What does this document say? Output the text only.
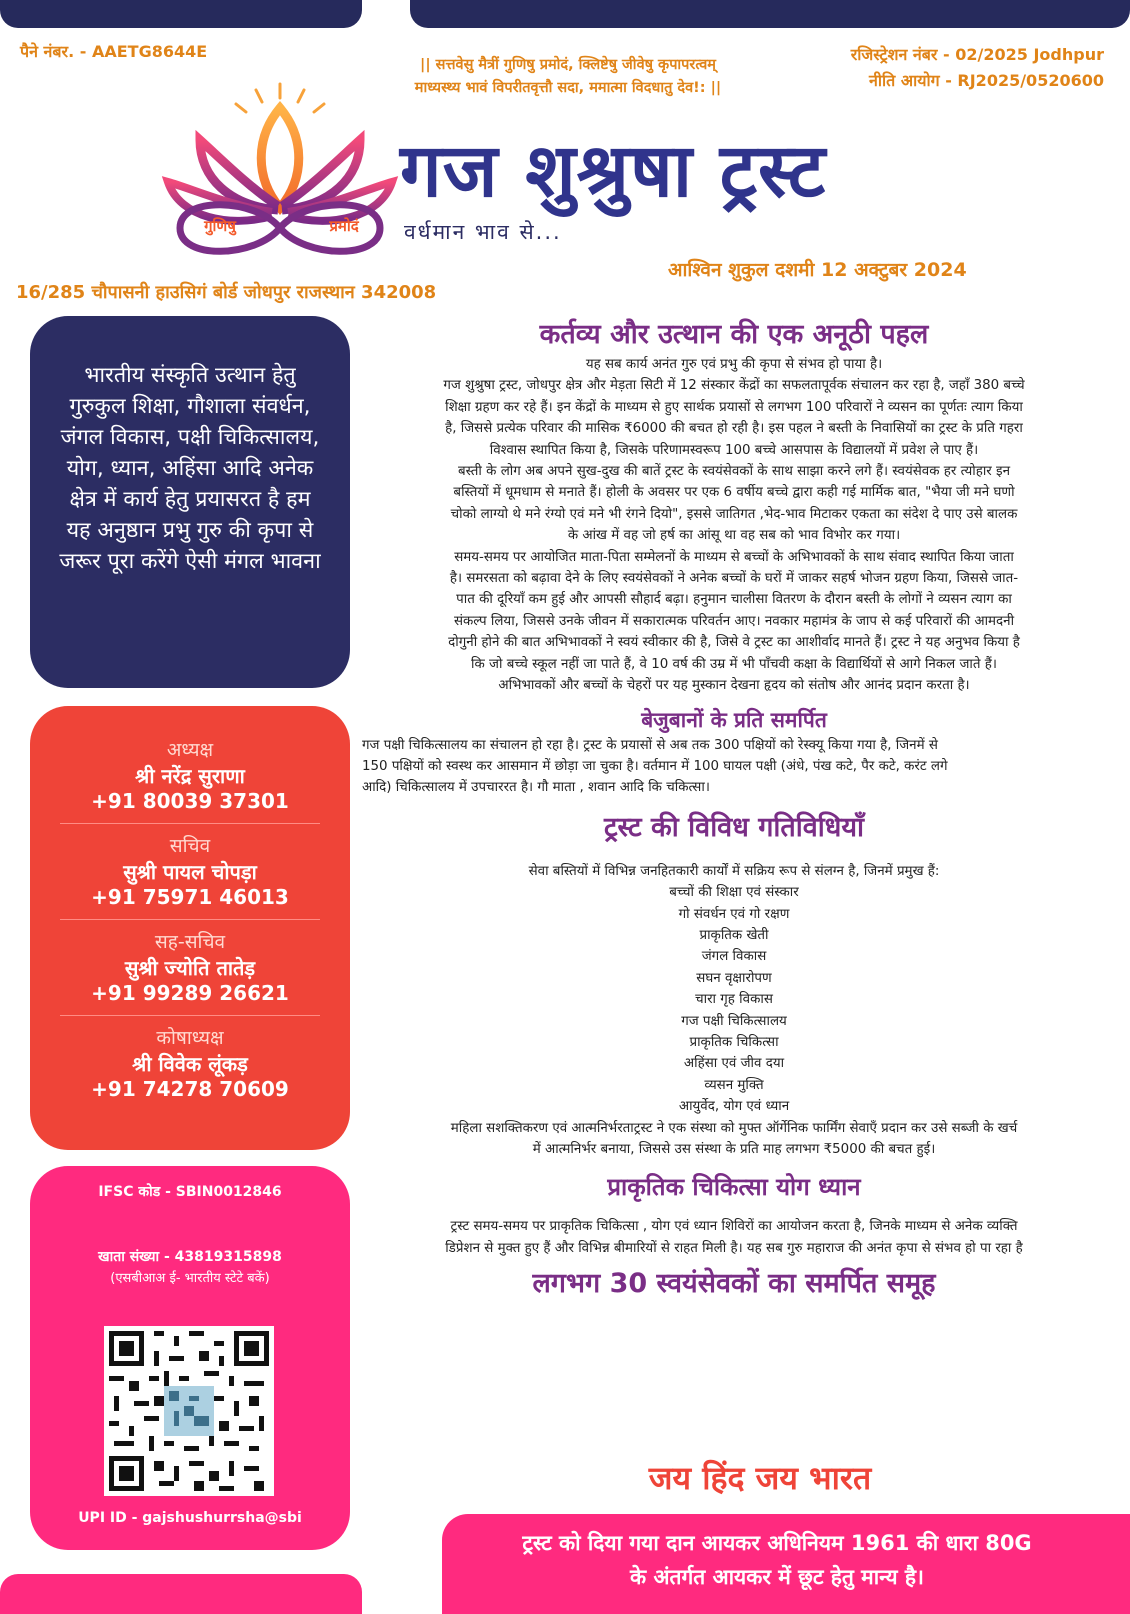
पैने नंबर. - AAETG8644E	रजिस्ट्रेशन नंबर - 02/2025 Jodhpur
नीति आयोग - RJ2025/0520600
|| सत्तवेसु मैत्रीं गुणिषु प्रमोदं, क्लिष्टेषु जीवेषु कृपापरत्वम्
माध्यस्थ्य भावं विपरीतवृत्तौ सदा, ममात्मा विदधातु देव!: ||
गुणिषु	प्रमोदं
गज शुश्रुषा ट्रस्ट
वर्धमान भाव से...
आश्विन शुकुल दशमी 12 अक्टुबर 2024
16/285 चौपासनी हाउसिगं बोर्ड जोधपुर राजस्थान 342008
भारतीय संस्कृति उत्थान हेतु गुरुकुल शिक्षा, गौशाला संवर्धन, जंगल विकास, पक्षी चिकित्सालय, योग, ध्यान, अहिंसा आदि अनेक क्षेत्र में कार्य हेतु प्रयासरत है हम यह अनुष्ठान प्रभु गुरु की कृपा से जरूर पूरा करेंगे ऐसी मंगल भावना
अध्यक्ष
श्री नरेंद्र सुराणा
+91 80039 37301
सचिव
सुश्री पायल चोपड़ा
+91 75971 46013
सह-सचिव
सुश्री ज्योति तातेड़
+91 99289 26621
कोषाध्यक्ष
श्री विवेक लूंकड़
+91 74278 70609
IFSC कोड - SBIN0012846
खाता संख्या - 43819315898
(एसबीआअ ई- भारतीय स्टेटे बकें)
UPI ID - gajshushurrsha@sbi
कर्तव्य और उत्थान की एक अनूठी पहल
यह सब कार्य अनंत गुरु एवं प्रभु की कृपा से संभव हो पाया है।
गज शुश्रुषा ट्रस्ट, जोधपुर क्षेत्र और मेड़ता सिटी में 12 संस्कार केंद्रों का सफलतापूर्वक संचालन कर रहा है, जहाँ 380 बच्चे
शिक्षा ग्रहण कर रहे हैं। इन केंद्रों के माध्यम से हुए सार्थक प्रयासों से लगभग 100 परिवारों ने व्यसन का पूर्णतः त्याग किया
है, जिससे प्रत्येक परिवार की मासिक ₹6000 की बचत हो रही है। इस पहल ने बस्ती के निवासियों का ट्रस्ट के प्रति गहरा
विश्वास स्थापित किया है, जिसके परिणामस्वरूप 100 बच्चे आसपास के विद्यालयों में प्रवेश ले पाए हैं।
बस्ती के लोग अब अपने सुख-दुख की बातें ट्रस्ट के स्वयंसेवकों के साथ साझा करने लगे हैं। स्वयंसेवक हर त्योहार इन
बस्तियों में धूमधाम से मनाते हैं। होली के अवसर पर एक 6 वर्षीय बच्चे द्वारा कही गई मार्मिक बात, "भैया जी मने घणो
चोको लाग्यो थे मने रंग्यो एवं मने भी रंगने दियो", इससे जातिगत ,भेद-भाव मिटाकर एकता का संदेश दे पाए उसे बालक
के आंख में वह जो हर्ष का आंसू था वह सब को भाव विभोर कर गया।
समय-समय पर आयोजित माता-पिता सम्मेलनों के माध्यम से बच्चों के अभिभावकों के साथ संवाद स्थापित किया जाता
है। समरसता को बढ़ावा देने के लिए स्वयंसेवकों ने अनेक बच्चों के घरों में जाकर सहर्ष भोजन ग्रहण किया, जिससे जात-
पात की दूरियाँ कम हुई और आपसी सौहार्द बढ़ा। हनुमान चालीसा वितरण के दौरान बस्ती के लोगों ने व्यसन त्याग का
संकल्प लिया, जिससे उनके जीवन में सकारात्मक परिवर्तन आए। नवकार महामंत्र के जाप से कई परिवारों की आमदनी
दोगुनी होने की बात अभिभावकों ने स्वयं स्वीकार की है, जिसे वे ट्रस्ट का आशीर्वाद मानते हैं। ट्रस्ट ने यह अनुभव किया है
कि जो बच्चे स्कूल नहीं जा पाते हैं, वे 10 वर्ष की उम्र में भी पाँचवी कक्षा के विद्यार्थियों से आगे निकल जाते हैं।
अभिभावकों और बच्चों के चेहरों पर यह मुस्कान देखना हृदय को संतोष और आनंद प्रदान करता है।
बेजुबानों के प्रति समर्पित
गज पक्षी चिकित्सालय का संचालन हो रहा है। ट्रस्ट के प्रयासों से अब तक 300 पक्षियों को रेस्क्यू किया गया है, जिनमें से
150 पक्षियों को स्वस्थ कर आसमान में छोड़ा जा चुका है। वर्तमान में 100 घायल पक्षी (अंधे, पंख कटे, पैर कटे, करंट लगे
आदि) चिकित्सालय में उपचाररत है। गौ माता , शवान आदि कि चकित्सा।
ट्रस्ट की विविध गतिविधियाँ
सेवा बस्तियों में विभिन्न जनहितकारी कार्यों में सक्रिय रूप से संलग्न है, जिनमें प्रमुख हैं:
बच्चों की शिक्षा एवं संस्कार
गो संवर्धन एवं गो रक्षण
प्राकृतिक खेती
जंगल विकास
सघन वृक्षारोपण
चारा गृह विकास
गज पक्षी चिकित्सालय
प्राकृतिक चिकित्सा
अहिंसा एवं जीव दया
व्यसन मुक्ति
आयुर्वेद, योग एवं ध्यान
महिला सशक्तिकरण एवं आत्मनिर्भरताट्रस्ट ने एक संस्था को मुफ्त ऑर्गेनिक फार्मिंग सेवाएँ प्रदान कर उसे सब्जी के खर्च
में आत्मनिर्भर बनाया, जिससे उस संस्था के प्रति माह लगभग ₹5000 की बचत हुई।
प्राकृतिक चिकित्सा योग ध्यान
ट्रस्ट समय-समय पर प्राकृतिक चिकित्सा , योग एवं ध्यान शिविरों का आयोजन करता है, जिनके माध्यम से अनेक व्यक्ति
डिप्रेशन से मुक्त हुए हैं और विभिन्न बीमारियों से राहत मिली है। यह सब गुरु महाराज की अनंत कृपा से संभव हो पा रहा है
लगभग 30 स्वयंसेवकों का समर्पित समूह
जय हिंद जय भारत
ट्रस्ट को दिया गया दान आयकर अधिनियम 1961 की धारा 80G
के अंतर्गत आयकर में छूट हेतु मान्य है।
